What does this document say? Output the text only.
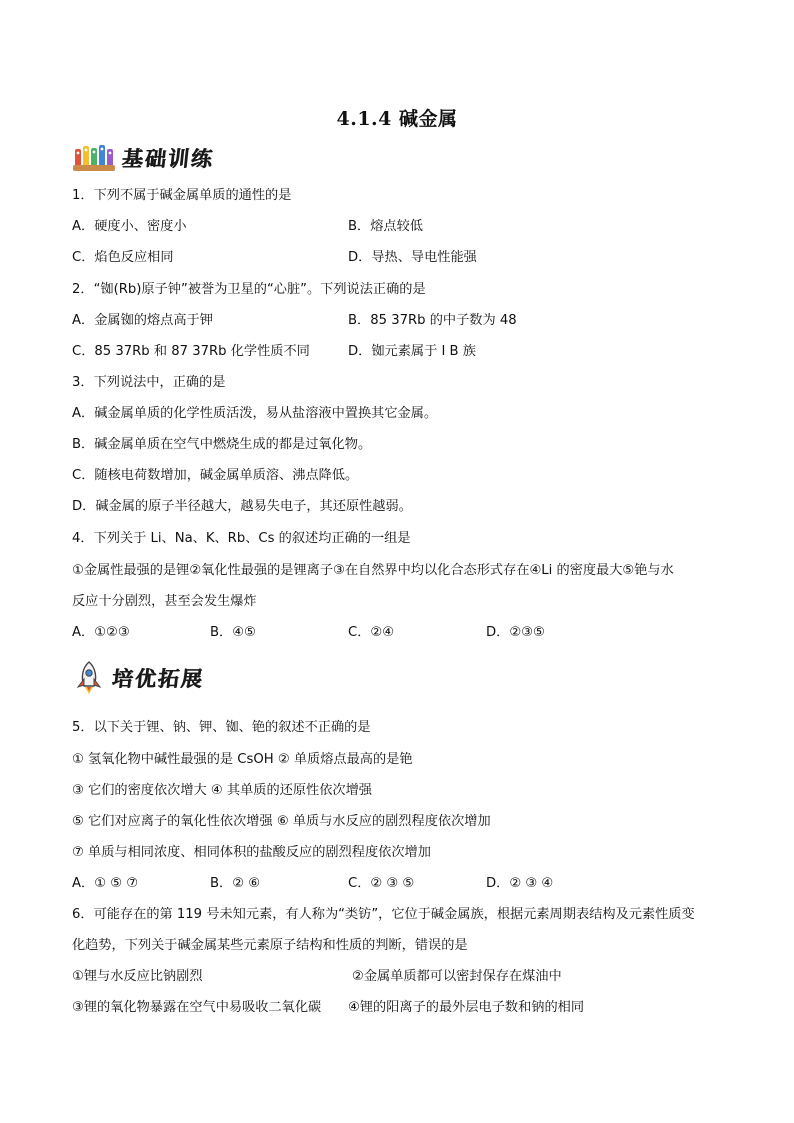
4.1.4 碱金属
基础训练
1．下列不属于碱金属单质的通性的是
A．硬度小、密度小	B．熔点较低
C．焰色反应相同	D．导热、导电性能强
2．“铷(Rb)原子钟”被誉为卫星的“心脏”。下列说法正确的是
A．金属铷的熔点高于钾	B．85 37Rb 的中子数为 48
C．85 37Rb 和 87 37Rb 化学性质不同	D．铷元素属于 I B 族
3．下列说法中，正确的是
A．碱金属单质的化学性质活泼，易从盐溶液中置换其它金属。
B．碱金属单质在空气中燃烧生成的都是过氧化物。
C．随核电荷数增加，碱金属单质溶、沸点降低。
D．碱金属的原子半径越大，越易失电子，其还原性越弱。
4．下列关于 Li、Na、K、Rb、Cs 的叙述均正确的一组是
①金属性最强的是锂②氧化性最强的是锂离子③在自然界中均以化合态形式存在④Li 的密度最大⑤铯与水
反应十分剧烈，甚至会发生爆炸
A．①②③	B．④⑤	C．②④	D．②③⑤
培优拓展
5．以下关于锂、钠、钾、铷、铯的叙述不正确的是
① 氢氧化物中碱性最强的是 CsOH ② 单质熔点最高的是铯
③ 它们的密度依次增大 ④ 其单质的还原性依次增强
⑤ 它们对应离子的氧化性依次增强 ⑥ 单质与水反应的剧烈程度依次增加
⑦ 单质与相同浓度、相同体积的盐酸反应的剧烈程度依次增加
A．① ⑤ ⑦	B．② ⑥	C．② ③ ⑤	D．② ③ ④
6．可能存在的第 119 号未知元素，有人称为“类钫”，它位于碱金属族，根据元素周期表结构及元素性质变
化趋势，下列关于碱金属某些元素原子结构和性质的判断，错误的是
①锂与水反应比钠剧烈	②金属单质都可以密封保存在煤油中
③锂的氧化物暴露在空气中易吸收二氧化碳 ④锂的阳离子的最外层电子数和钠的相同
